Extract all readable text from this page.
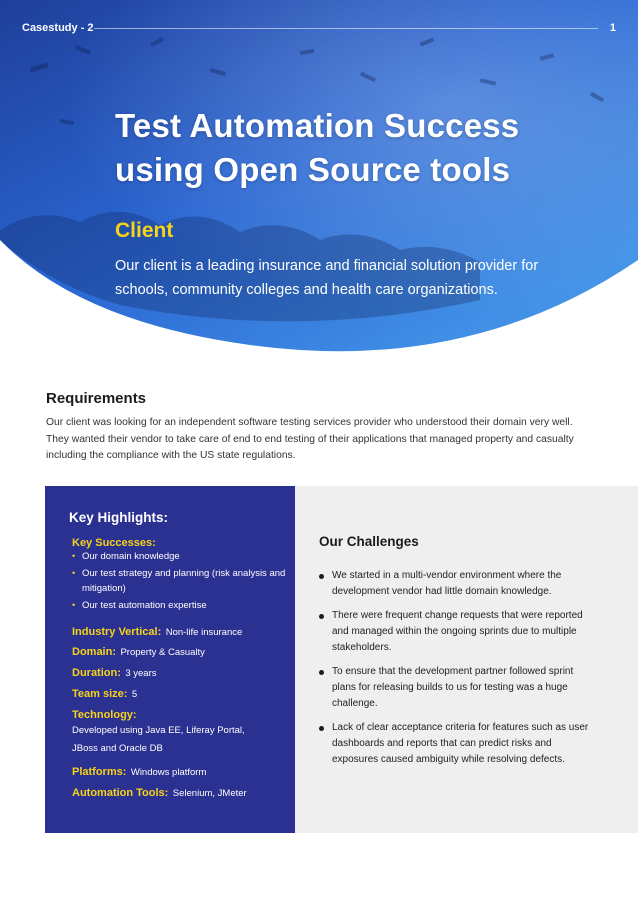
Casestudy - 2	1
Test Automation Success
using Open Source tools
Client
Our client is a leading insurance and financial solution provider for schools, community colleges and health care organizations.
Requirements
Our client was looking for an independent software testing services provider who understood their domain very well. They wanted their vendor to take care of end to end testing of their applications that managed property and casualty including the compliance with the US state regulations.
Key Highlights:
Key Successes:
• Our domain knowledge
• Our test strategy and planning (risk analysis and mitigation)
• Our test automation expertise
Industry Vertical: Non-life insurance
Domain: Property & Casualty
Duration: 3 years
Team size: 5
Technology:
Developed using Java EE, Liferay Portal, JBoss and Oracle DB
Platforms: Windows platform
Automation Tools: Selenium, JMeter
Our Challenges
We started in a multi-vendor environment where the development vendor had little domain knowledge.
There were frequent change requests that were reported and managed within the ongoing sprints due to multiple stakeholders.
To ensure that the development partner followed sprint plans for releasing builds to us for testing was a huge challenge.
Lack of clear acceptance criteria for features such as user dashboards and reports that can predict risks and exposures caused ambiguity while resolving defects.
